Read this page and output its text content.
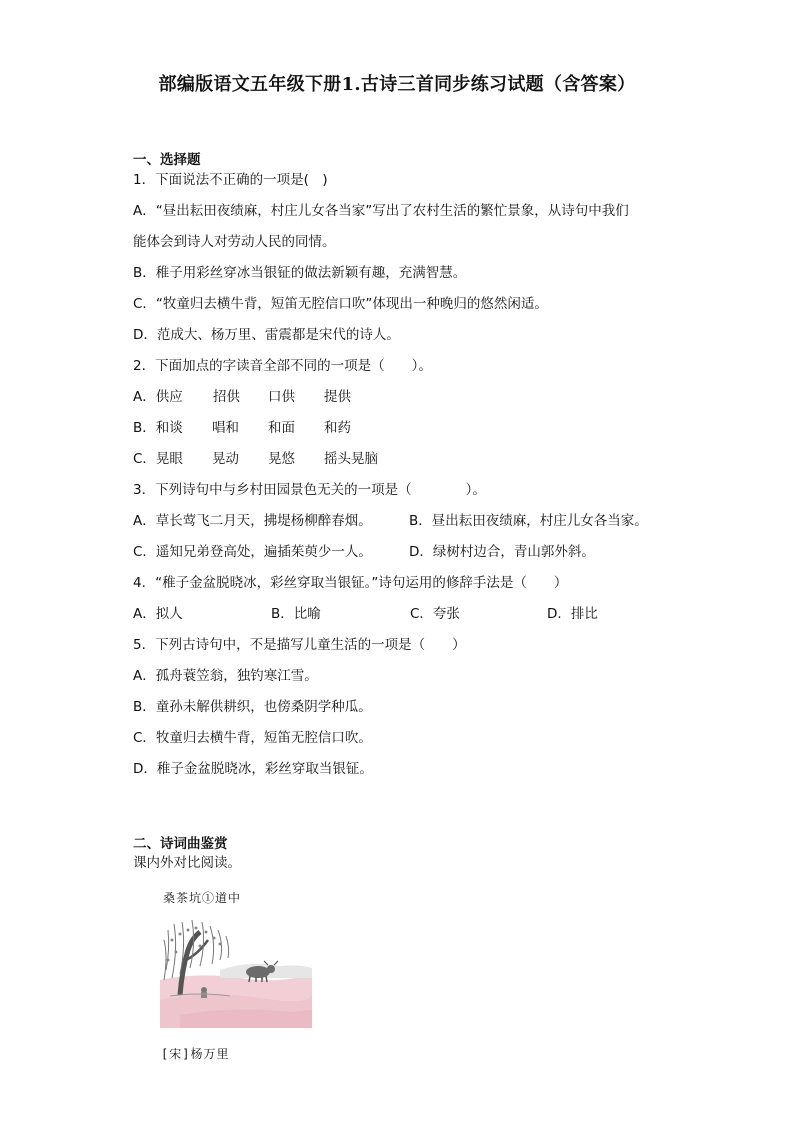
部编版语文五年级下册1.古诗三首同步练习试题（含答案）
一、选择题
1．下面说法不正确的一项是(　)
A．“昼出耘田夜绩麻，村庄儿女各当家”写出了农村生活的繁忙景象，从诗句中我们
能体会到诗人对劳动人民的同情。
B．稚子用彩丝穿冰当银钲的做法新颖有趣，充满智慧。
C．“牧童归去横牛背，短笛无腔信口吹”体现出一种晚归的悠然闲适。
D．范成大、杨万里、雷震都是宋代的诗人。
2．下面加点的字读音全部不同的一项是（　　）。
A．供应 招供 口供 提供
B．和谈 唱和 和面 和药
C．晃眼 晃动 晃悠 摇头晃脑
3．下列诗句中与乡村田园景色无关的一项是（　　　　）。
A．草长莺飞二月天，拂堤杨柳醉春烟。	B．昼出耘田夜绩麻，村庄儿女各当家。
C．遥知兄弟登高处，遍插茱萸少一人。	D．绿树村边合，青山郭外斜。
4．“稚子金盆脱晓冰，彩丝穿取当银钲。”诗句运用的修辞手法是（　　）
A．拟人	B．比喻	C．夸张	D．排比
5．下列古诗句中，不是描写儿童生活的一项是（　　）
A．孤舟蓑笠翁，独钓寒江雪。
B．童孙未解供耕织，也傍桑阴学种瓜。
C．牧童归去横牛背，短笛无腔信口吹。
D．稚子金盆脱晓冰，彩丝穿取当银钲。
二、诗词曲鉴赏
课内外对比阅读。
桑茶坑①道中
[宋]杨万里
